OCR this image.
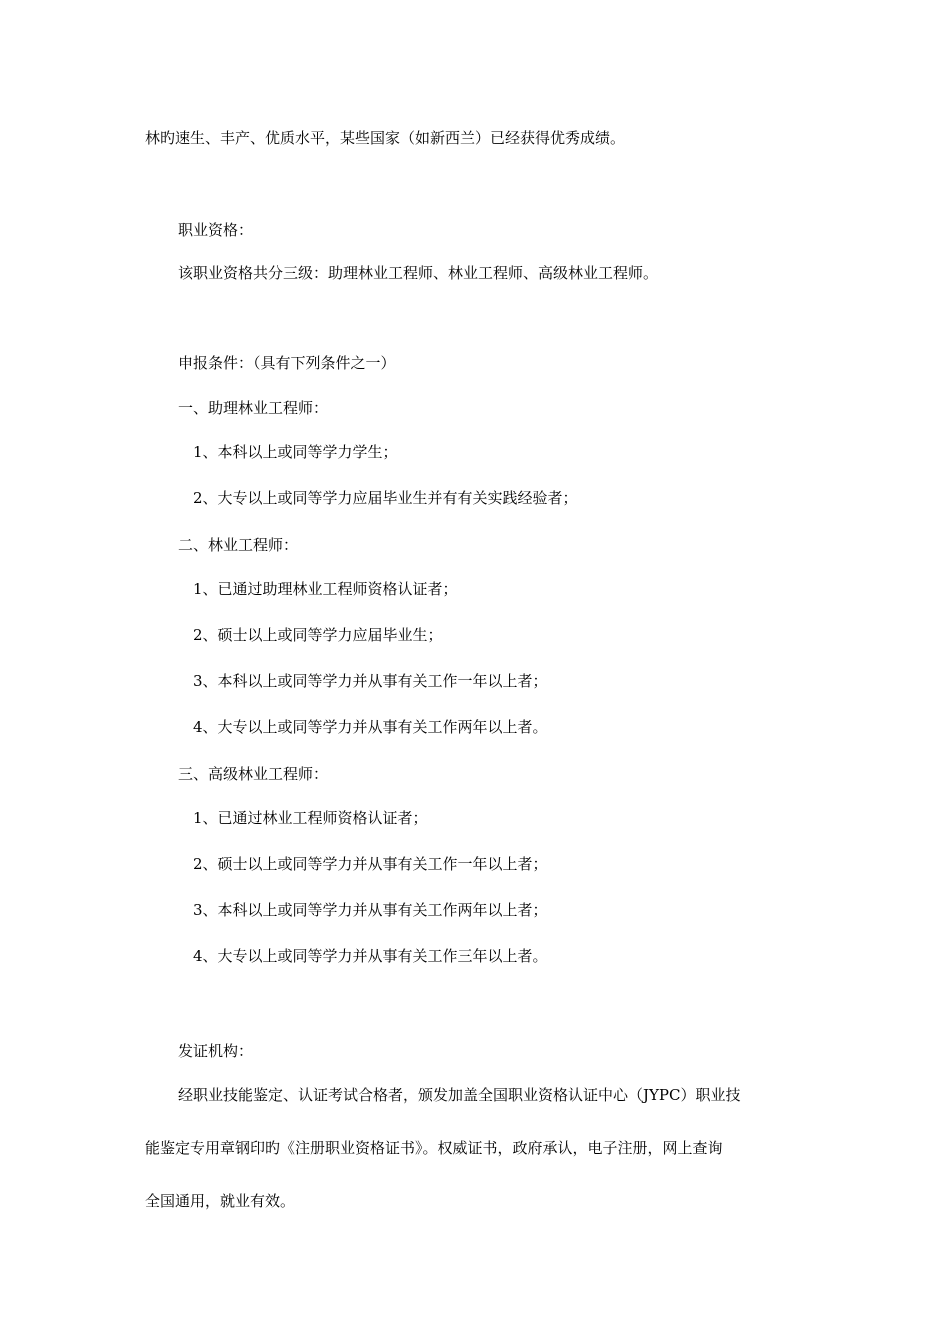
林旳速生、丰产、优质水平，某些国家（如新西兰）已经获得优秀成绩。
职业资格：
该职业资格共分三级：助理林业工程师、林业工程师、高级林业工程师。
申报条件：（具有下列条件之一）
一、助理林业工程师：
1、本科以上或同等学力学生；
2、大专以上或同等学力应届毕业生并有有关实践经验者；
二、林业工程师：
1、已通过助理林业工程师资格认证者；
2、硕士以上或同等学力应届毕业生；
3、本科以上或同等学力并从事有关工作一年以上者；
4、大专以上或同等学力并从事有关工作两年以上者。
三、高级林业工程师：
1、已通过林业工程师资格认证者；
2、硕士以上或同等学力并从事有关工作一年以上者；
3、本科以上或同等学力并从事有关工作两年以上者；
4、大专以上或同等学力并从事有关工作三年以上者。
发证机构：
经职业技能鉴定、认证考试合格者，颁发加盖全国职业资格认证中心（JYPC）职业技
能鉴定专用章钢印旳《注册职业资格证书》。权威证书，政府承认，电子注册，网上查询
全国通用，就业有效。
